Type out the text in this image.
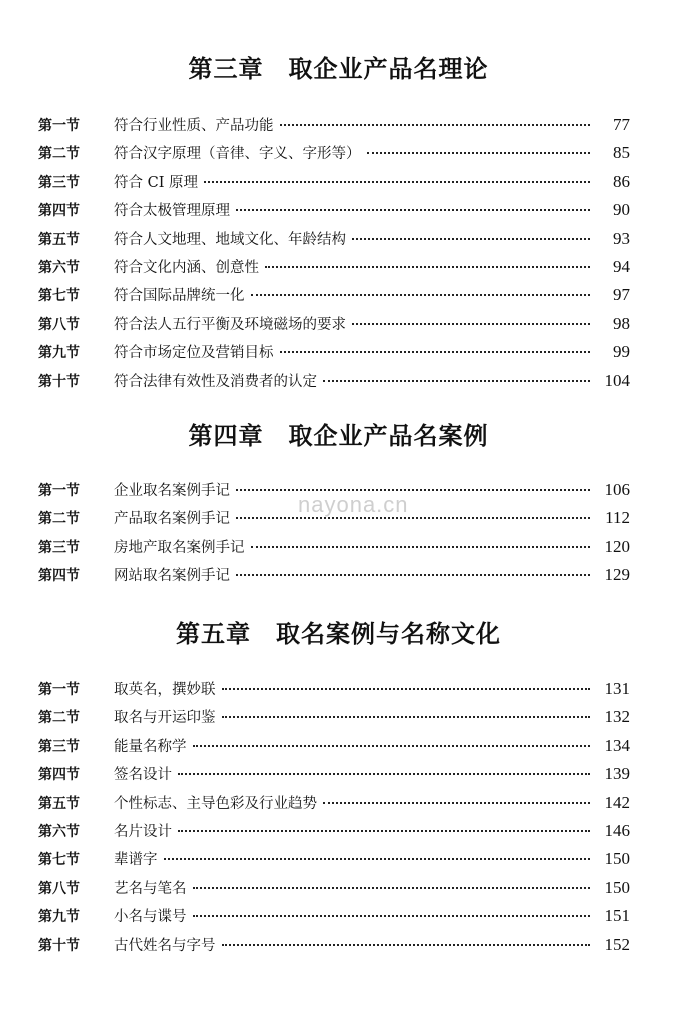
第三章　取企业产品名理论
第一节	符合行业性质、产品功能	77
第二节	符合汉字原理（音律、字义、字形等）	85
第三节	符合 CI 原理	86
第四节	符合太极管理原理	90
第五节	符合人文地理、地域文化、年龄结构	93
第六节	符合文化内涵、创意性	94
第七节	符合国际品牌统一化	97
第八节	符合法人五行平衡及环境磁场的要求	98
第九节	符合市场定位及营销目标	99
第十节	符合法律有效性及消费者的认定	104
第四章　取企业产品名案例
第一节	企业取名案例手记	106
第二节	产品取名案例手记	112
第三节	房地产取名案例手记	120
第四节	网站取名案例手记	129
第五章　取名案例与名称文化
第一节	取英名，撰妙联	131
第二节	取名与开运印鉴	132
第三节	能量名称学	134
第四节	签名设计	139
第五节	个性标志、主导色彩及行业趋势	142
第六节	名片设计	146
第七节	辈谱字	150
第八节	艺名与笔名	150
第九节	小名与谍号	151
第十节	古代姓名与字号	152
nayona.cn
